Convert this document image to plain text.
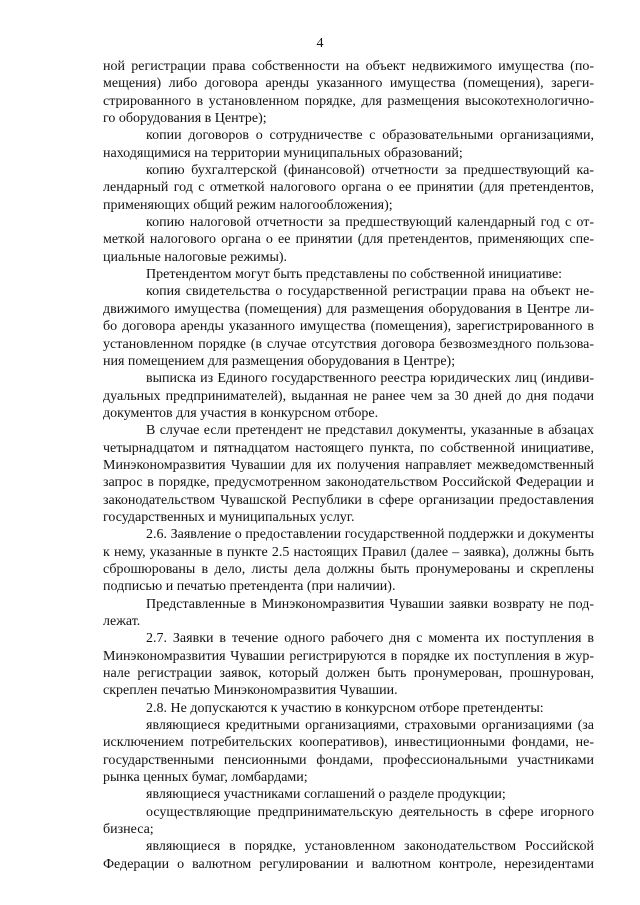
4

ной регистрации права собственности на объект недвижимого имущества (по-мещения) либо договора аренды указанного имущества (помещения), зареги-стрированного в установленном порядке, для размещения высокотехнологично-го оборудования в Центре);

копии договоров о сотрудничестве с образовательными организациями, находящимися на территории муниципальных образований;

копию бухгалтерской (финансовой) отчетности за предшествующий ка-лендарный год с отметкой налогового органа о ее принятии (для претендентов, применяющих общий режим налогообложения);

копию налоговой отчетности за предшествующий календарный год с от-меткой налогового органа о ее принятии (для претендентов, применяющих спе-циальные налоговые режимы).

Претендентом могут быть представлены по собственной инициативе:

копия свидетельства о государственной регистрации права на объект не-движимого имущества (помещения) для размещения оборудования в Центре ли-бо договора аренды указанного имущества (помещения), зарегистрированного в установленном порядке (в случае отсутствия договора безвозмездного пользова-ния помещением для размещения оборудования в Центре);

выписка из Единого государственного реестра юридических лиц (индиви-дуальных предпринимателей), выданная не ранее чем за 30 дней до дня подачи документов для участия в конкурсном отборе.

В случае если претендент не представил документы, указанные в абзацах четырнадцатом и пятнадцатом настоящего пункта, по собственной инициативе, Минэкономразвития Чувашии для их получения направляет межведомственный запрос в порядке, предусмотренном законодательством Российской Федерации и законодательством Чувашской Республики в сфере организации предоставления государственных и муниципальных услуг.

2.6. Заявление о предоставлении государственной поддержки и документы к нему, указанные в пункте 2.5 настоящих Правил (далее – заявка), должны быть сброшюрованы в дело, листы дела должны быть пронумерованы и скреплены подписью и печатью претендента (при наличии).

Представленные в Минэкономразвития Чувашии заявки возврату не под-лежат.

2.7. Заявки в течение одного рабочего дня с момента их поступления в Минэкономразвития Чувашии регистрируются в порядке их поступления в жур-нале регистрации заявок, который должен быть пронумерован, прошнурован, скреплен печатью Минэкономразвития Чувашии.

2.8. Не допускаются к участию в конкурсном отборе претенденты:

являющиеся кредитными организациями, страховыми организациями (за исключением потребительских кооперативов), инвестиционными фондами, не-государственными пенсионными фондами, профессиональными участниками рынка ценных бумаг, ломбардами;

являющиеся участниками соглашений о разделе продукции;

осуществляющие предпринимательскую деятельность в сфере игорного бизнеса;

являющиеся в порядке, установленном законодательством Российской Федерации о валютном регулировании и валютном контроле, нерезидентами
